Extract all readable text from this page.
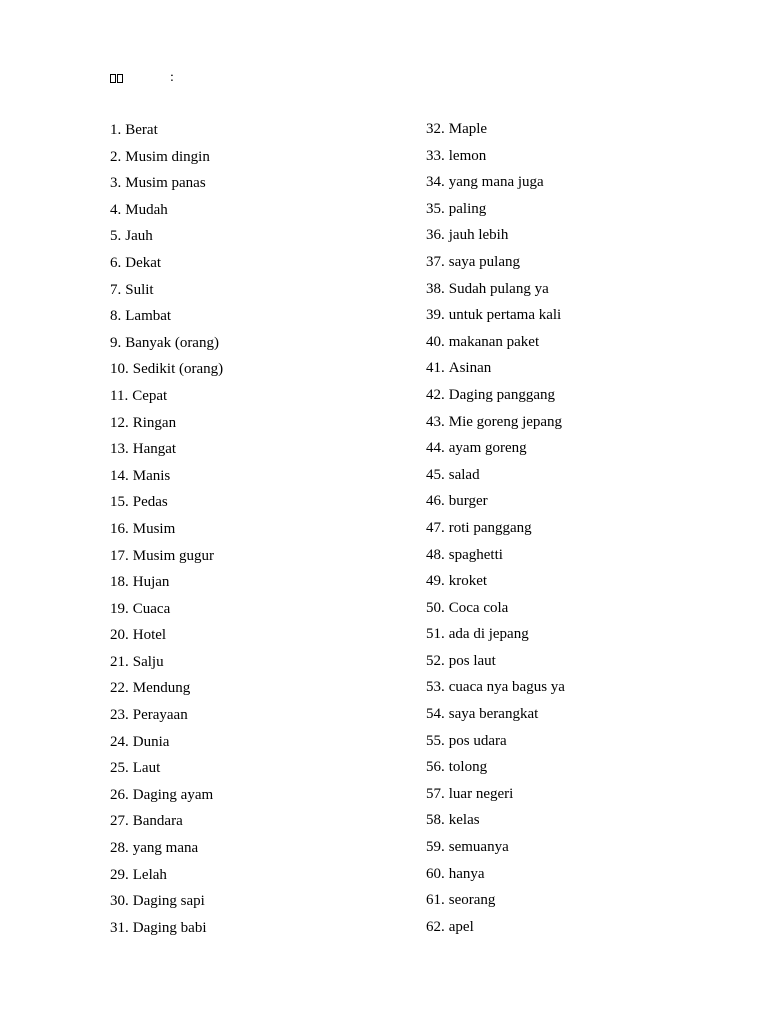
:
1. Berat
2. Musim dingin
3. Musim panas
4. Mudah
5. Jauh
6. Dekat
7. Sulit
8. Lambat
9. Banyak (orang)
10. Sedikit (orang)
11. Cepat
12. Ringan
13. Hangat
14. Manis
15. Pedas
16. Musim
17. Musim gugur
18. Hujan
19. Cuaca
20. Hotel
21. Salju
22. Mendung
23. Perayaan
24. Dunia
25. Laut
26. Daging ayam
27. Bandara
28. yang mana
29. Lelah
30. Daging sapi
31. Daging babi
32. Maple
33. lemon
34. yang mana juga
35. paling
36. jauh lebih
37. saya pulang
38. Sudah pulang ya
39. untuk pertama kali
40. makanan paket
41. Asinan
42. Daging panggang
43. Mie goreng jepang
44. ayam goreng
45. salad
46. burger
47. roti panggang
48. spaghetti
49. kroket
50. Coca cola
51. ada di jepang
52. pos laut
53. cuaca nya bagus ya
54. saya berangkat
55. pos udara
56. tolong
57. luar negeri
58. kelas
59. semuanya
60. hanya
61. seorang
62. apel
